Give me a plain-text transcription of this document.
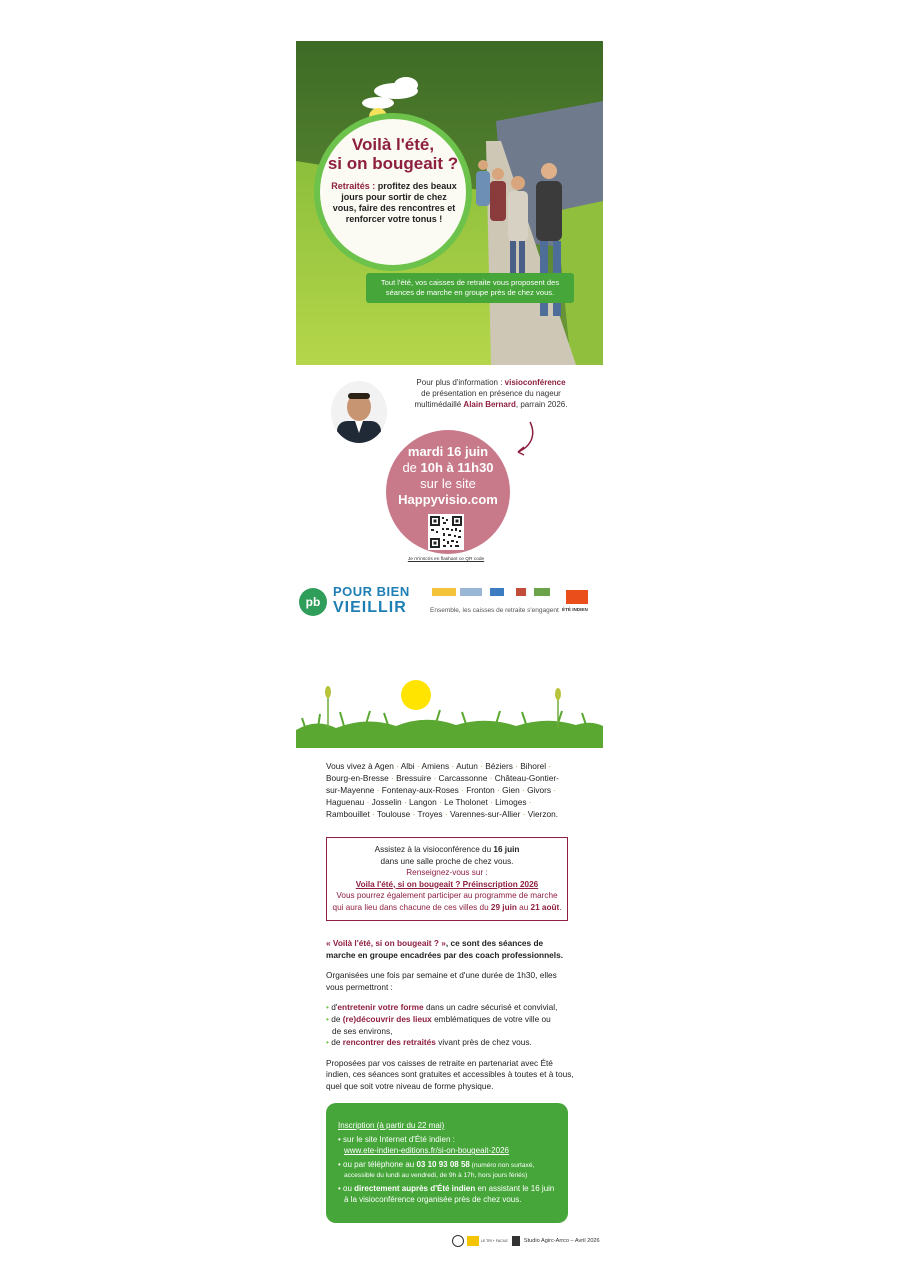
Voilà l'été,
si on bougeait ?
Retraités : profitez des beaux jours pour sortir de chez vous, faire des rencontres et renforcer votre tonus !
Tout l'été, vos caisses de retraite vous proposent des séances de marche en groupe près de chez vous.
Pour plus d'information : visioconférence
de présentation en présence du nageur
multimédaillé Alain Bernard, parrain 2026.
mardi 16 juin
de 10h à 11h30
sur le site
Happyvisio.com
Je m'inscris en flashant ce QR code
pb
POUR BIEN
VIEILLIR	Ensemble, les caisses de retraite s'engagent ÉTÉ INDIEN
Vous vivez à Agen · Albi · Amiens · Autun · Béziers · Bihorel · Bourg-en-Bresse · Bressuire · Carcassonne · Château-Gontier-sur-Mayenne · Fontenay-aux-Roses · Fronton · Gien · Givors · Haguenau · Josselin · Langon · Le Tholonet · Limoges · Rambouillet · Toulouse · Troyes · Varennes-sur-Allier · Vierzon.
Assistez à la visioconférence du 16 juin
dans une salle proche de chez vous.
Renseignez-vous sur :
Voila l'été, si on bougeait ? Préinscription 2026
Vous pourrez également participer au programme de marche
qui aura lieu dans chacune de ces villes du 29 juin au 21 août.

« Voilà l'été, si on bougeait ? », ce sont des séances de marche en groupe encadrées par des coach professionnels.

Organisées une fois par semaine et d'une durée de 1h30, elles vous permettront :

• d'entretenir votre forme dans un cadre sécurisé et convivial,
• de (re)découvrir des lieux emblématiques de votre ville ou
de ses environs,
• de rencontrer des retraités vivant près de chez vous.

Proposées par vos caisses de retraite en partenariat avec Été indien, ces séances sont gratuites et accessibles à toutes et à tous, quel que soit votre niveau de forme physique.

Inscription (à partir du 22 mai)
• sur le site Internet d'Été indien :
www.ete-indien-editions.fr/si-on-bougeait-2026
• ou par téléphone au 03 10 93 08 58 (numéro non surtaxé,
accessible du lundi au vendredi, de 9h à 17h, hors jours fériés)
• ou directement auprès d'Été indien en assistant le 16 juin
à la visioconférence organisée près de chez vous.
LE TRI + FACILE	Studio Agirc-Arrco – Avril 2026
